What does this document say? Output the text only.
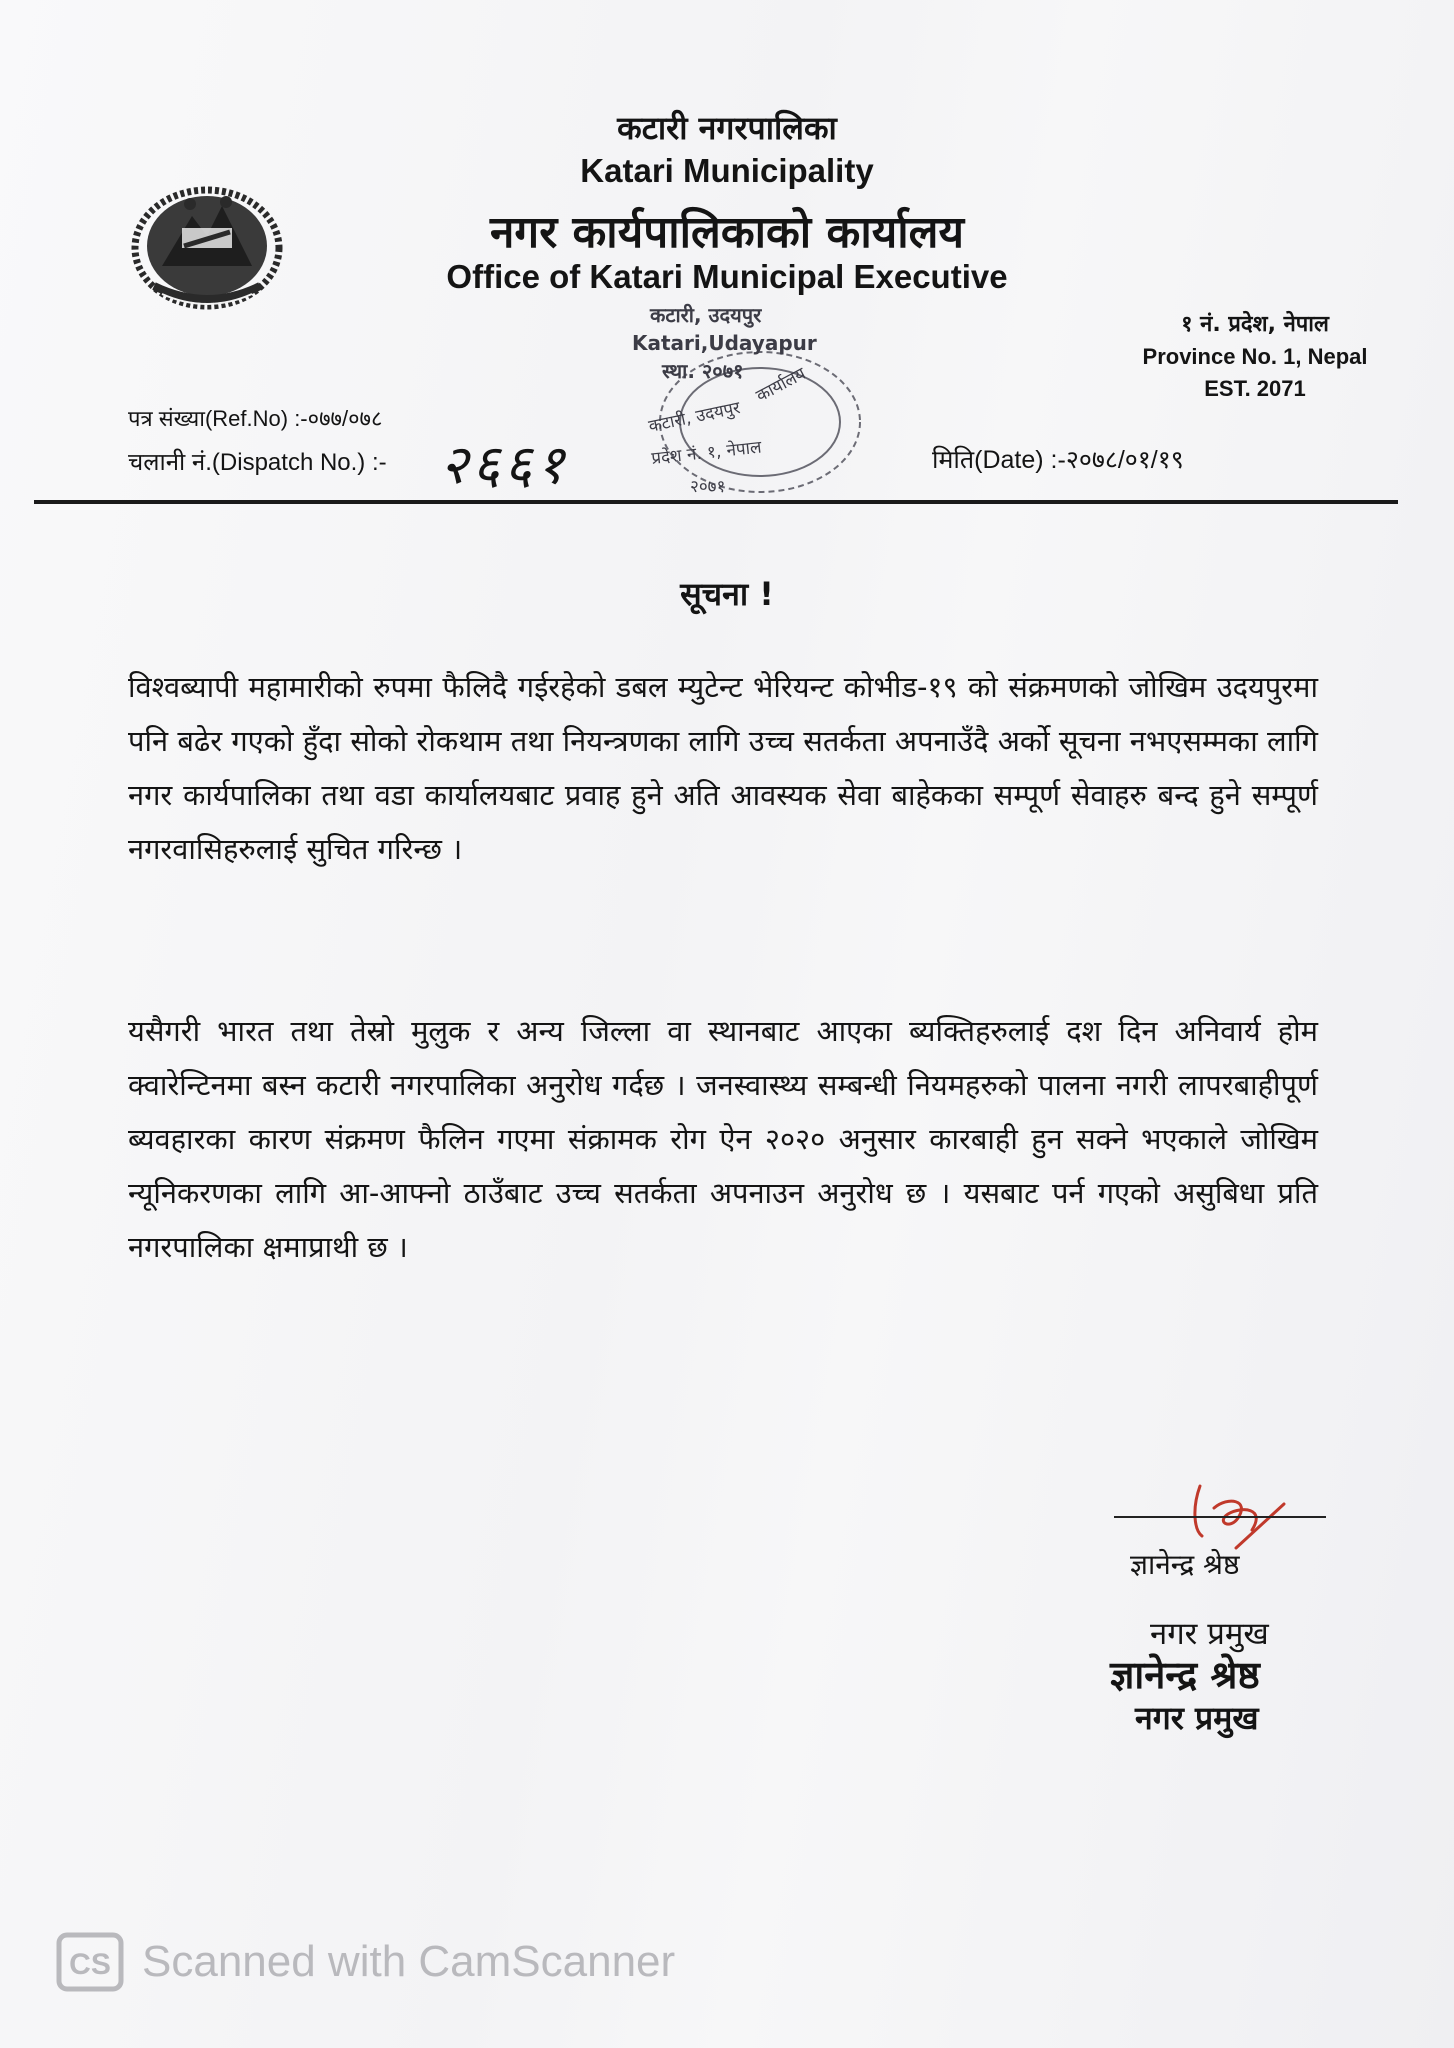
कटारी नगरपालिका
Katari Municipality
नगर कार्यपालिकाको कार्यालय
Office of Katari Municipal Executive
१ नं. प्रदेश, नेपाल
Province No. 1, Nepal
EST. 2071
कटारी, उदयपुर
Katari,Udayapur
स्था. २०७१ कार्यालय
कटारी, उदयपुर
प्रदेश नं. १, नेपाल
२०७१
पत्र संख्या(Ref.No) :-०७७/०७८
चलानी नं.(Dispatch No.) :- २६६१	मिति(Date) :-२०७८/०१/१९
सूचना !
विश्वब्यापी महामारीको रुपमा फैलिदै गईरहेको डबल म्युटेन्ट भेरियन्ट कोभीड-१९ को संक्रमणको जोखिम उदयपुरमा पनि बढेर गएको हुँदा सोको रोकथाम तथा नियन्त्रणका लागि उच्च सतर्कता अपनाउँदै अर्को सूचना नभएसम्मका लागि नगर कार्यपालिका तथा वडा कार्यालयबाट प्रवाह हुने अति आवस्यक सेवा बाहेकका सम्पूर्ण सेवाहरु बन्द हुने सम्पूर्ण नगरवासिहरुलाई सुचित गरिन्छ ।
यसैगरी भारत तथा तेस्रो मुलुक र अन्य जिल्ला वा स्थानबाट आएका ब्यक्तिहरुलाई दश दिन अनिवार्य होम क्वारेन्टिनमा बस्न कटारी नगरपालिका अनुरोध गर्दछ । जनस्वास्थ्य सम्बन्धी नियमहरुको पालना नगरी लापरबाहीपूर्ण ब्यवहारका कारण संक्रमण फैलिन गएमा संक्रामक रोग ऐन २०२० अनुसार कारबाही हुन सक्ने भएकाले जोखिम न्यूनिकरणका लागि आ-आफ्नो ठाउँबाट उच्च सतर्कता अपनाउन अनुरोध छ । यसबाट पर्न गएको असुबिधा प्रति नगरपालिका क्षमाप्राथी छ ।
ज्ञानेन्द्र श्रेष्ठ
नगर प्रमुख
ज्ञानेन्द्र श्रेष्ठ
नगर प्रमुख
CS Scanned with CamScanner
